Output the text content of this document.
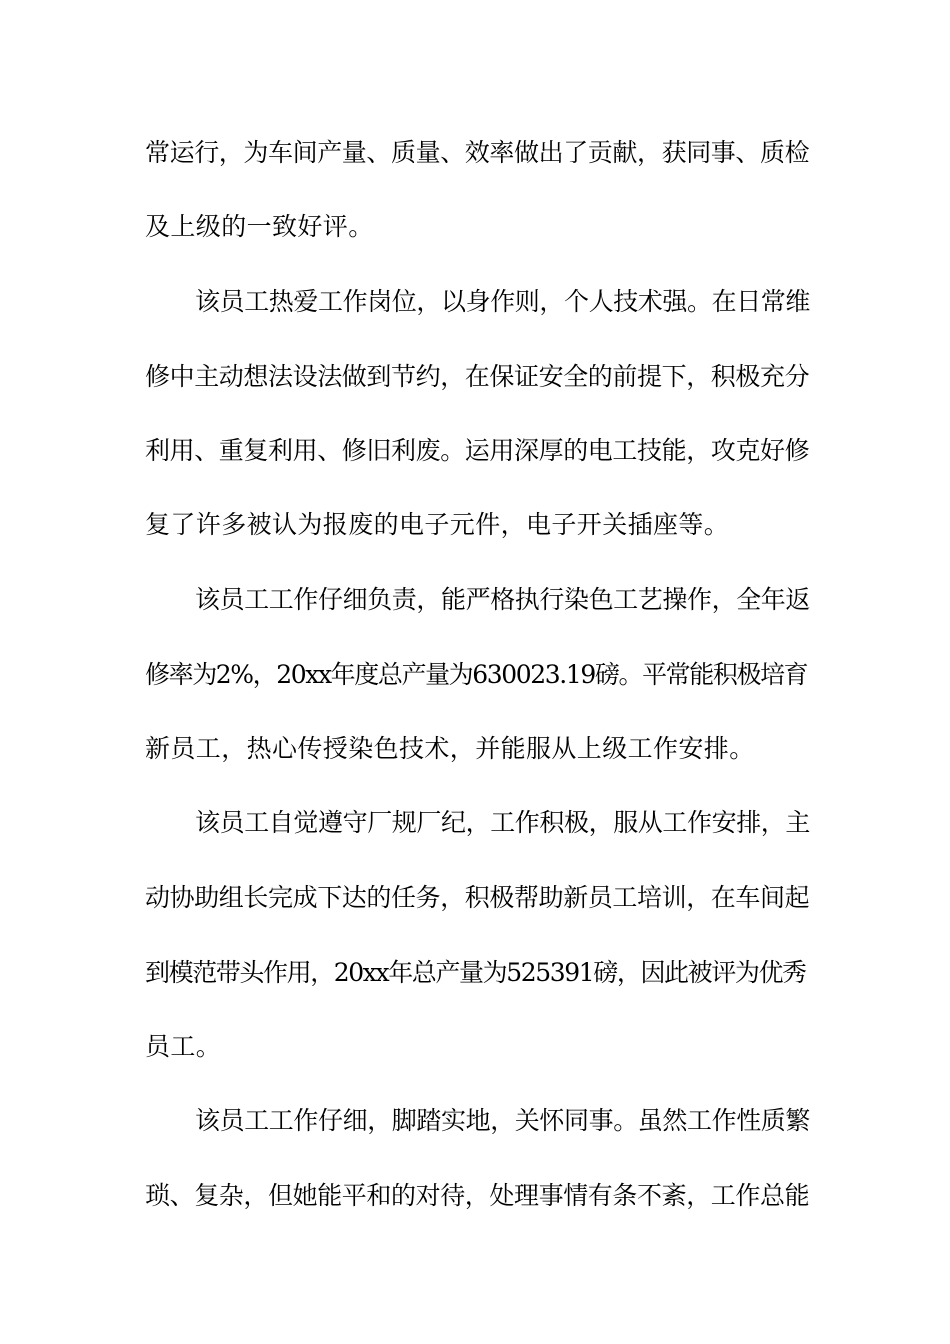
常运行，为车间产量、质量、效率做出了贡献，获同事、质检
及上级的一致好评。
该员工热爱工作岗位，以身作则，个人技术强。在日常维
修中主动想法设法做到节约，在保证安全的前提下，积极充分
利用、重复利用、修旧利废。运用深厚的电工技能，攻克好修
复了许多被认为报废的电子元件，电子开关插座等。
该员工工作仔细负责，能严格执行染色工艺操作，全年返
修率为2%，20xx年度总产量为630023.19磅。平常能积极培育
新员工，热心传授染色技术，并能服从上级工作安排。
该员工自觉遵守厂规厂纪，工作积极，服从工作安排，主
动协助组长完成下达的任务，积极帮助新员工培训，在车间起
到模范带头作用，20xx年总产量为525391磅，因此被评为优秀
员工。
该员工工作仔细，脚踏实地，关怀同事。虽然工作性质繁
琐、复杂，但她能平和的对待，处理事情有条不紊，工作总能
